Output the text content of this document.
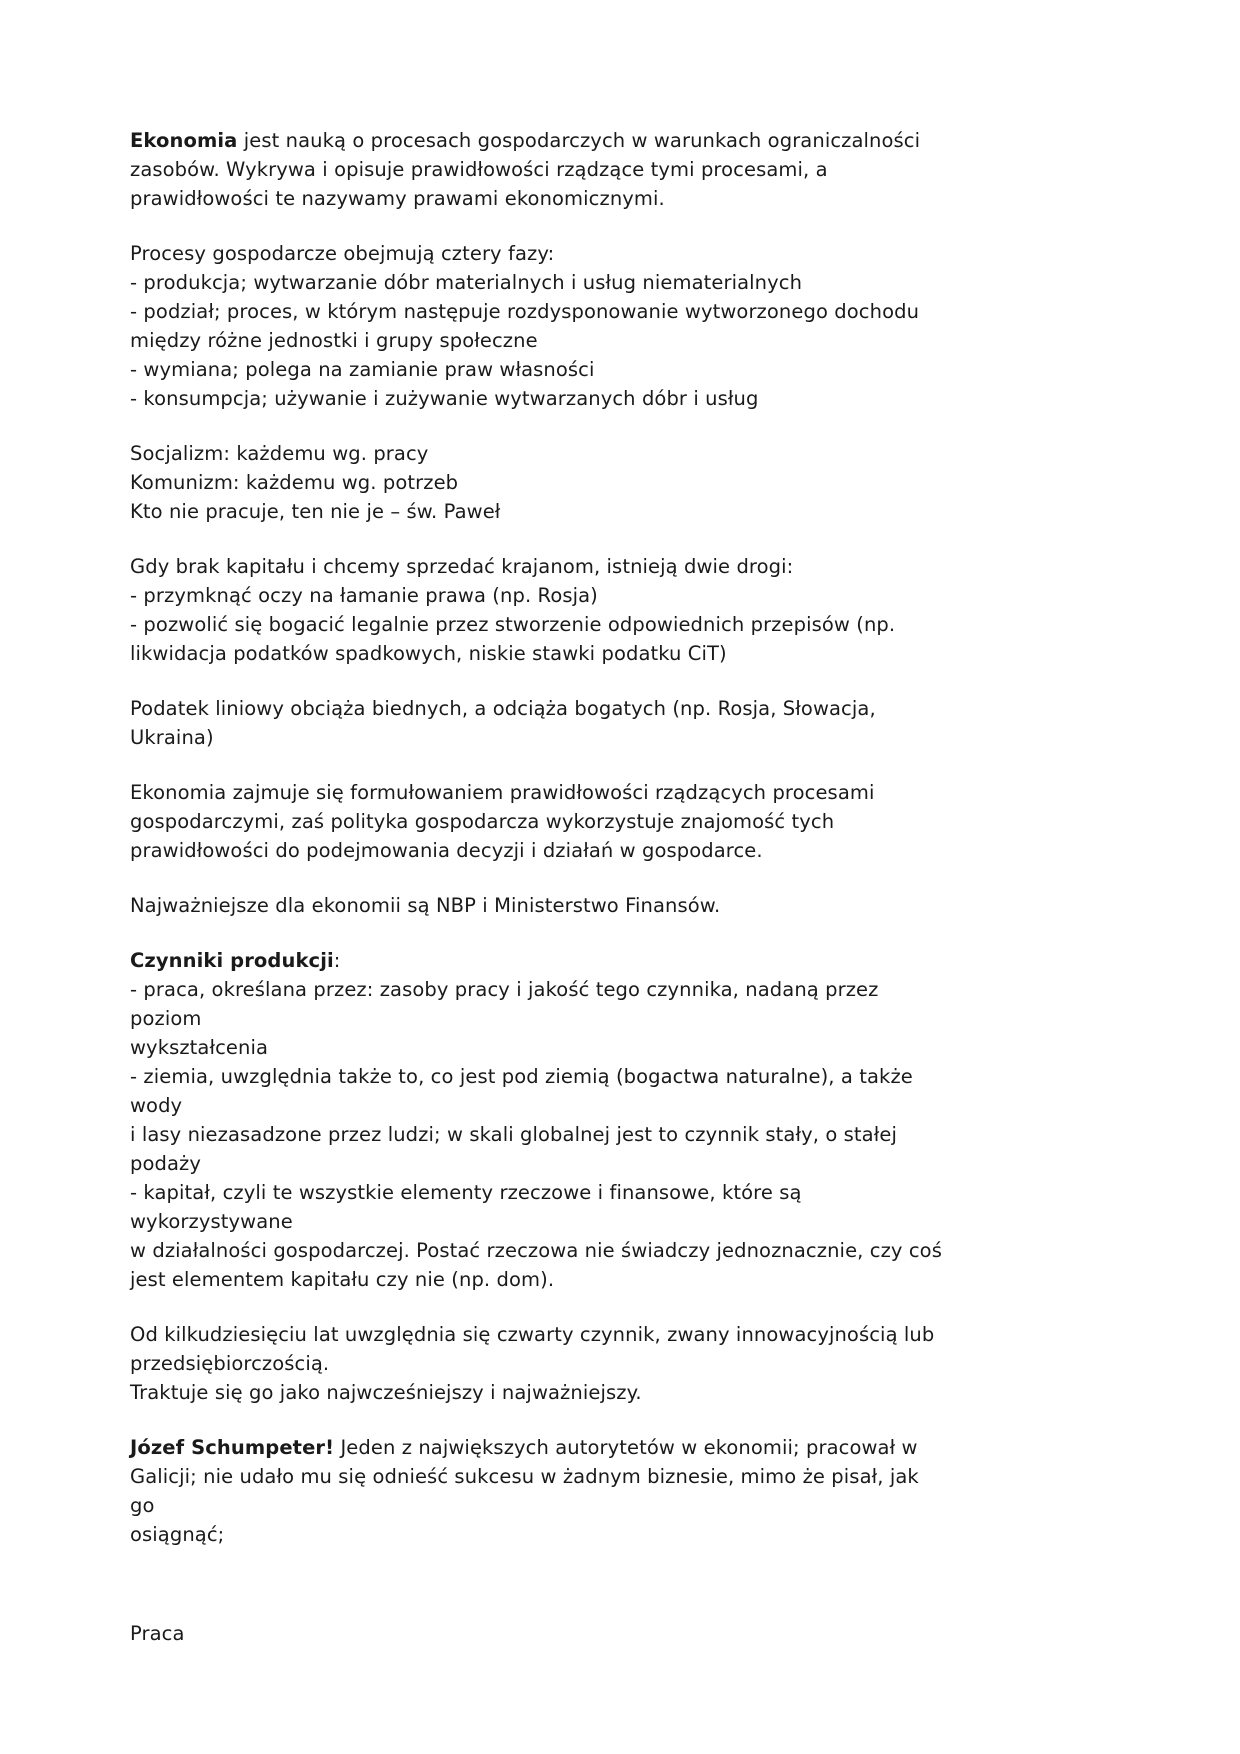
Ekonomia jest nauką o procesach gospodarczych w warunkach ograniczalności
zasobów. Wykrywa i opisuje prawidłowości rządzące tymi procesami, a
prawidłowości te nazywamy prawami ekonomicznymi.

Procesy gospodarcze obejmują cztery fazy:
- produkcja; wytwarzanie dóbr materialnych i usług niematerialnych
- podział; proces, w którym następuje rozdysponowanie wytworzonego dochodu
między różne jednostki i grupy społeczne
- wymiana; polega na zamianie praw własności
- konsumpcja; używanie i zużywanie wytwarzanych dóbr i usług

Socjalizm: każdemu wg. pracy
Komunizm: każdemu wg. potrzeb
Kto nie pracuje, ten nie je – św. Paweł

Gdy brak kapitału i chcemy sprzedać krajanom, istnieją dwie drogi:
- przymknąć oczy na łamanie prawa (np. Rosja)
- pozwolić się bogacić legalnie przez stworzenie odpowiednich przepisów (np.
likwidacja podatków spadkowych, niskie stawki podatku CiT)

Podatek liniowy obciąża biednych, a odciąża bogatych (np. Rosja, Słowacja,
Ukraina)

Ekonomia zajmuje się formułowaniem prawidłowości rządzących procesami
gospodarczymi, zaś polityka gospodarcza wykorzystuje znajomość tych
prawidłowości do podejmowania decyzji i działań w gospodarce.

Najważniejsze dla ekonomii są NBP i Ministerstwo Finansów.

Czynniki produkcji:
- praca, określana przez: zasoby pracy i jakość tego czynnika, nadaną przez poziom
wykształcenia
- ziemia, uwzględnia także to, co jest pod ziemią (bogactwa naturalne), a także wody
i lasy niezasadzone przez ludzi; w skali globalnej jest to czynnik stały, o stałej podaży
- kapitał, czyli te wszystkie elementy rzeczowe i finansowe, które są wykorzystywane
w działalności gospodarczej. Postać rzeczowa nie świadczy jednoznacznie, czy coś
jest elementem kapitału czy nie (np. dom).

Od kilkudziesięciu lat uwzględnia się czwarty czynnik, zwany innowacyjnością lub
przedsiębiorczością.
Traktuje się go jako najwcześniejszy i najważniejszy.

Józef Schumpeter! Jeden z największych autorytetów w ekonomii; pracował w
Galicji; nie udało mu się odnieść sukcesu w żadnym biznesie, mimo że pisał, jak go
osiągnąć;

Praca
